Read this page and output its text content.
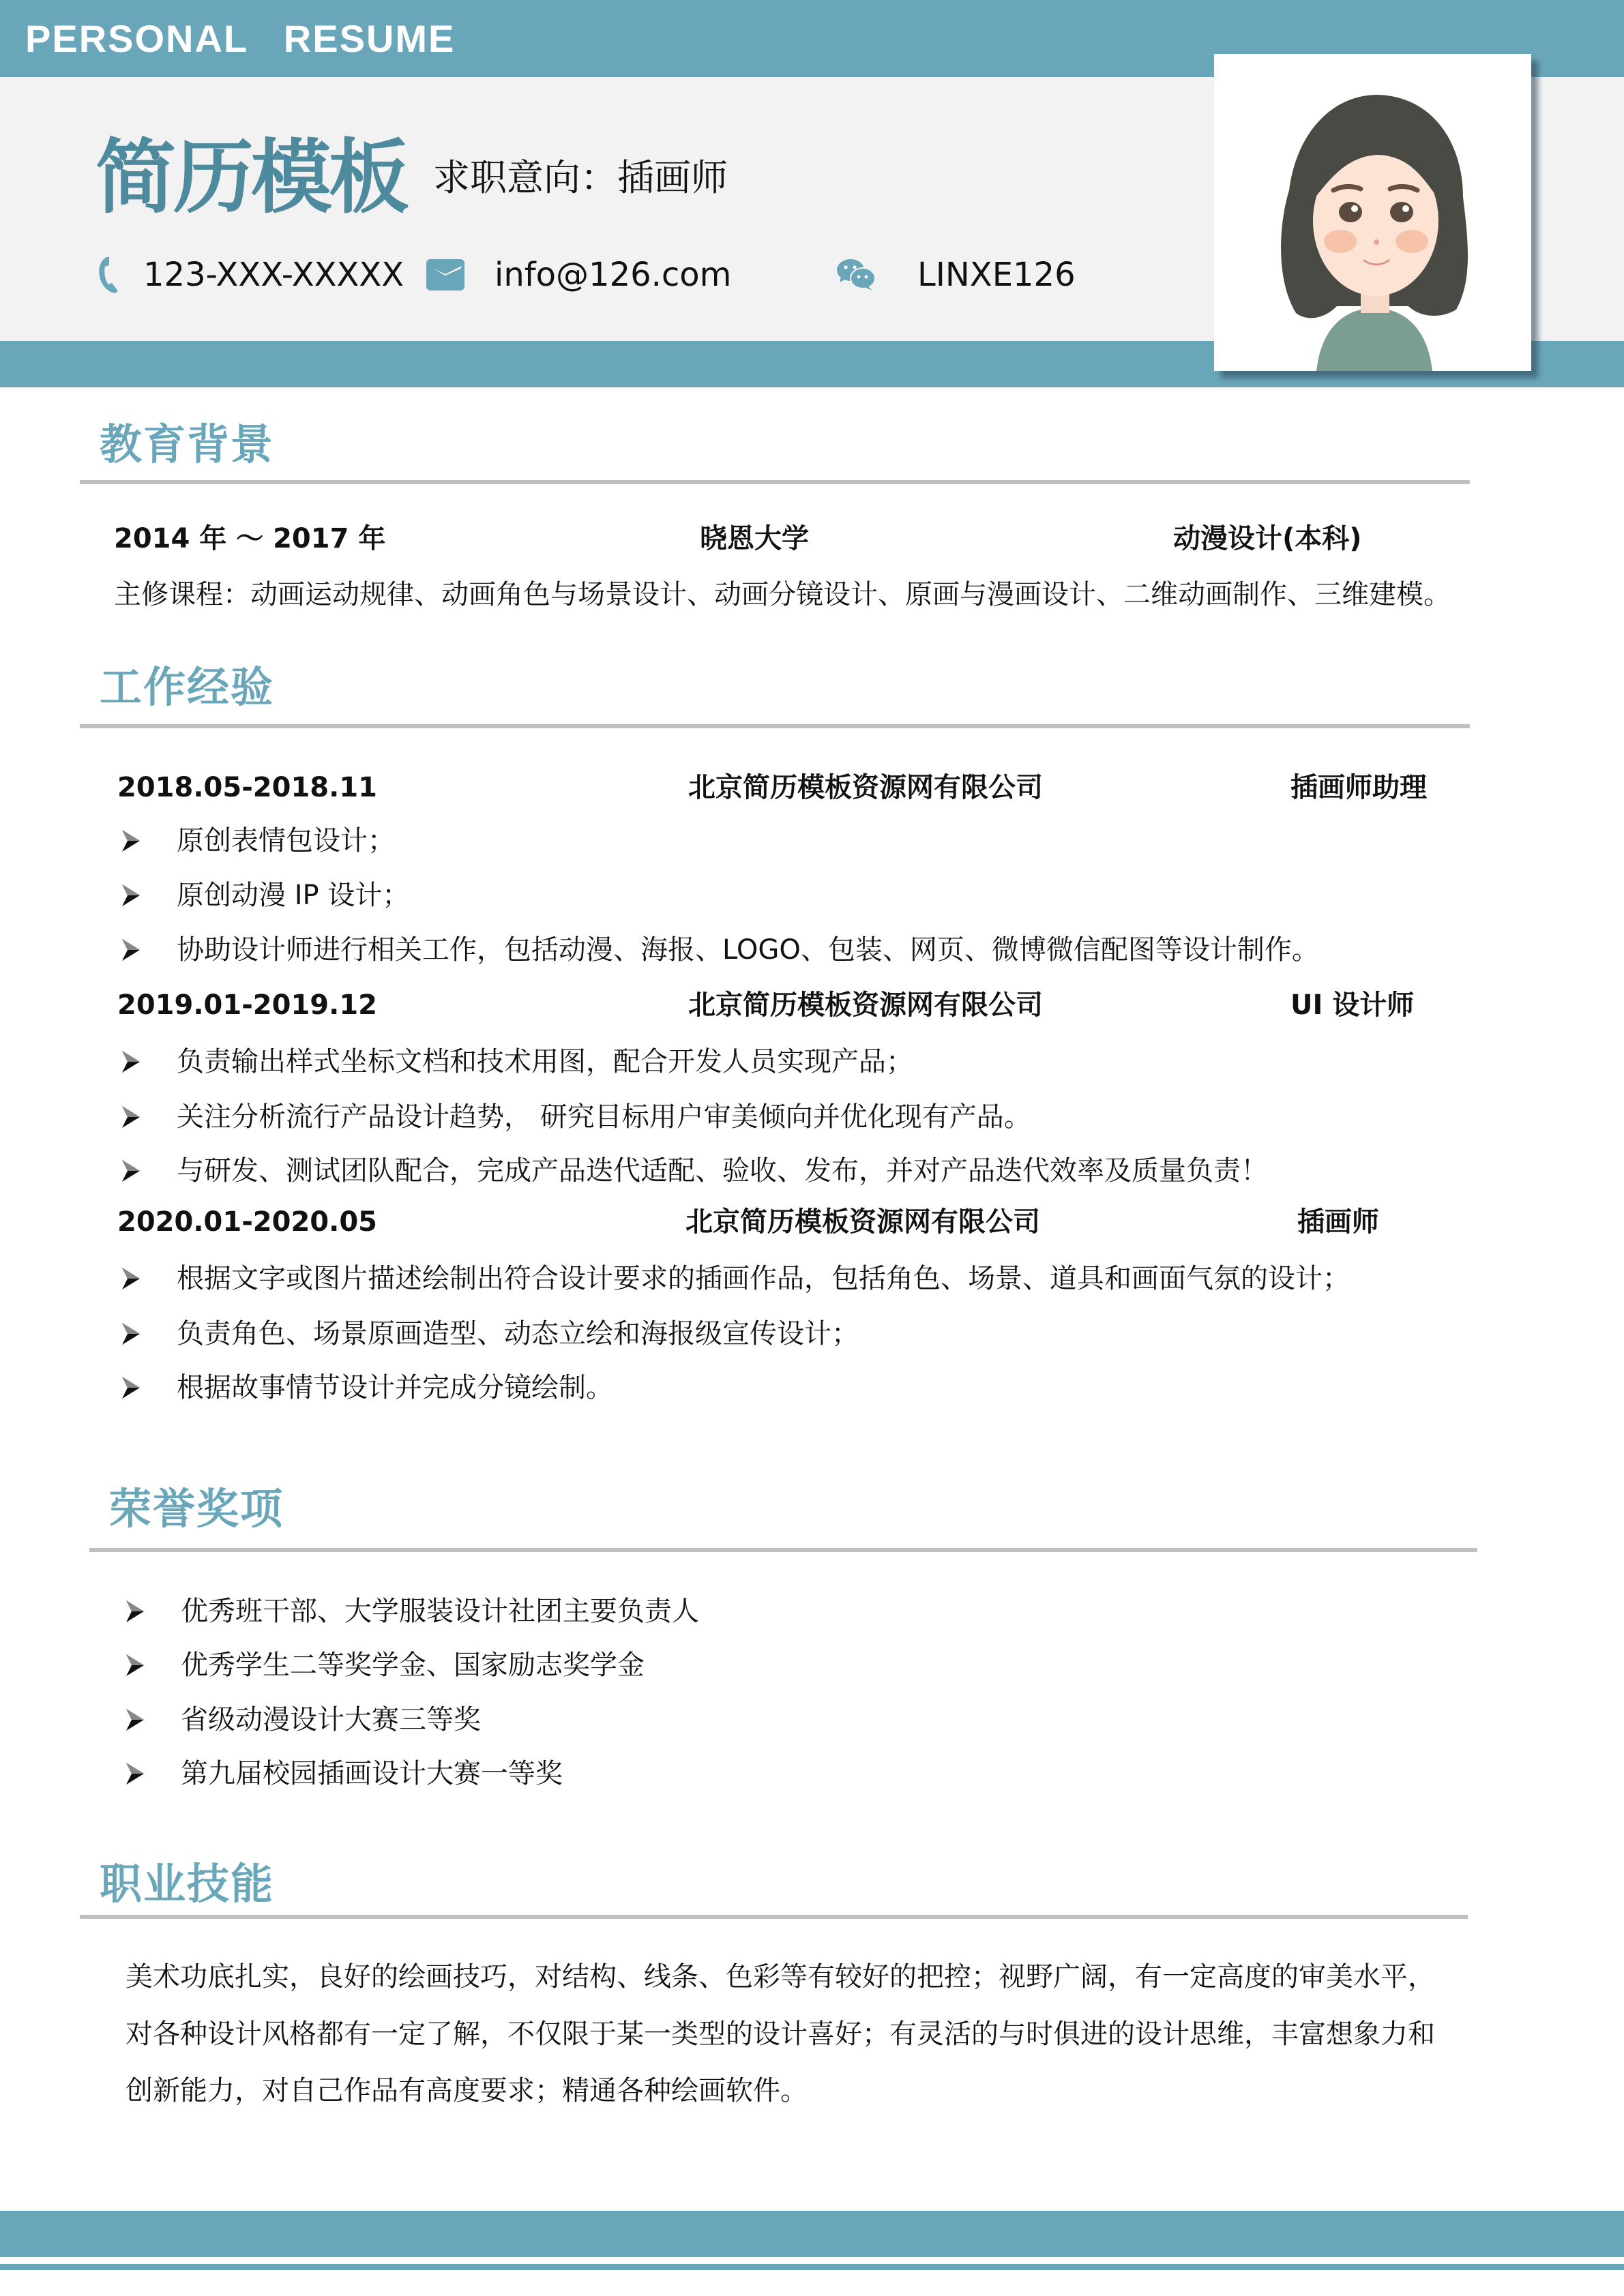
PERSONAL   RESUME
简历模板 求职意向：插画师
123-XXX-XXXXX	info@126.com	LINXE126
教育背景
2014 年 ～ 2017 年	晓恩大学	动漫设计(本科)
主修课程：动画运动规律、动画角色与场景设计、动画分镜设计、原画与漫画设计、二维动画制作、三维建模。
工作经验
2018.05-2018.11	北京简历模板资源网有限公司	插画师助理
原创表情包设计；
原创动漫 IP 设计；
协助设计师进行相关工作，包括动漫、海报、LOGO、包装、网页、微博微信配图等设计制作。
2019.01-2019.12	北京简历模板资源网有限公司	UI 设计师
负责输出样式坐标文档和技术用图，配合开发人员实现产品；
关注分析流行产品设计趋势， 研究目标用户审美倾向并优化现有产品。
与研发、测试团队配合，完成产品迭代适配、验收、发布，并对产品迭代效率及质量负责！
2020.01-2020.05	北京简历模板资源网有限公司	插画师
根据文字或图片描述绘制出符合设计要求的插画作品，包括角色、场景、道具和画面气氛的设计；
负责角色、场景原画造型、动态立绘和海报级宣传设计；
根据故事情节设计并完成分镜绘制。
荣誉奖项
优秀班干部、大学服装设计社团主要负责人
优秀学生二等奖学金、国家励志奖学金
省级动漫设计大赛三等奖
第九届校园插画设计大赛一等奖
职业技能
美术功底扎实，良好的绘画技巧，对结构、线条、色彩等有较好的把控；视野广阔，有一定高度的审美水平，
对各种设计风格都有一定了解，不仅限于某一类型的设计喜好；有灵活的与时俱进的设计思维，丰富想象力和
创新能力，对自己作品有高度要求；精通各种绘画软件。
